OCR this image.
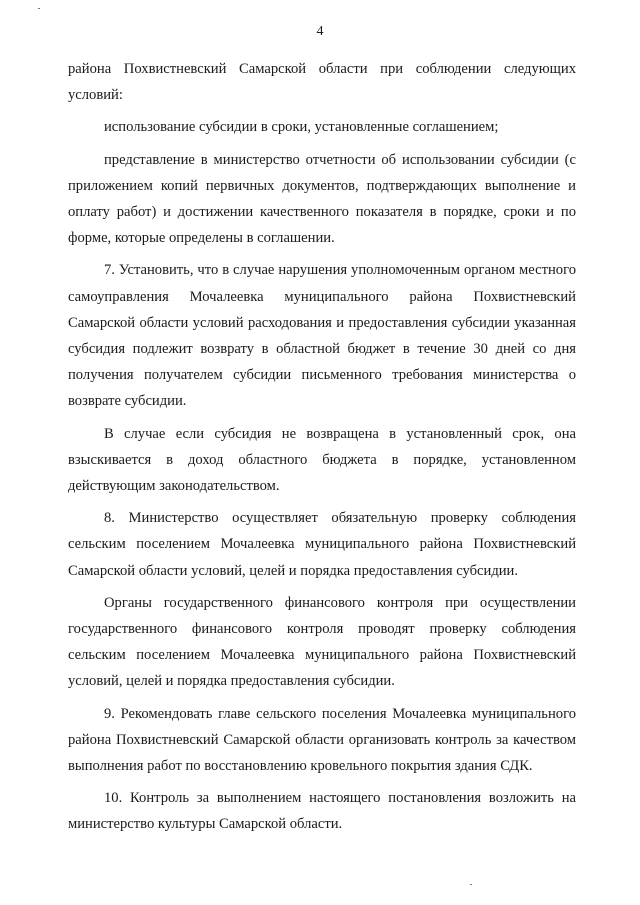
4

района Похвистневский Самарской области при соблюдении следующих условий:

использование субсидии в сроки, установленные соглашением;

представление в министерство отчетности об использовании субсидии (с приложением копий первичных документов, подтверждающих выполнение и оплату работ) и достижении качественного показателя в порядке, сроки и по форме, которые определены в соглашении.

7. Установить, что в случае нарушения уполномоченным органом местного самоуправления Мочалеевка муниципального района Похвистневский Самарской области условий расходования и предоставления субсидии указанная субсидия подлежит возврату в областной бюджет в течение 30 дней со дня получения получателем субсидии письменного требования министерства о возврате субсидии.

В случае если субсидия не возвращена в установленный срок, она взыскивается в доход областного бюджета в порядке, установленном действующим законодательством.

8. Министерство осуществляет обязательную проверку соблюдения сельским поселением Мочалеевка муниципального района Похвистневский Самарской области условий, целей и порядка предоставления субсидии.

Органы государственного финансового контроля при осуществлении государственного финансового контроля проводят проверку соблюдения сельским поселением Мочалеевка муниципального района Похвистневский условий, целей и порядка предоставления субсидии.

9. Рекомендовать главе сельского поселения Мочалеевка муниципального района Похвистневский Самарской области организовать контроль за качеством выполнения работ по восстановлению кровельного покрытия здания СДК.

10. Контроль за выполнением настоящего постановления возложить на министерство культуры Самарской области.
